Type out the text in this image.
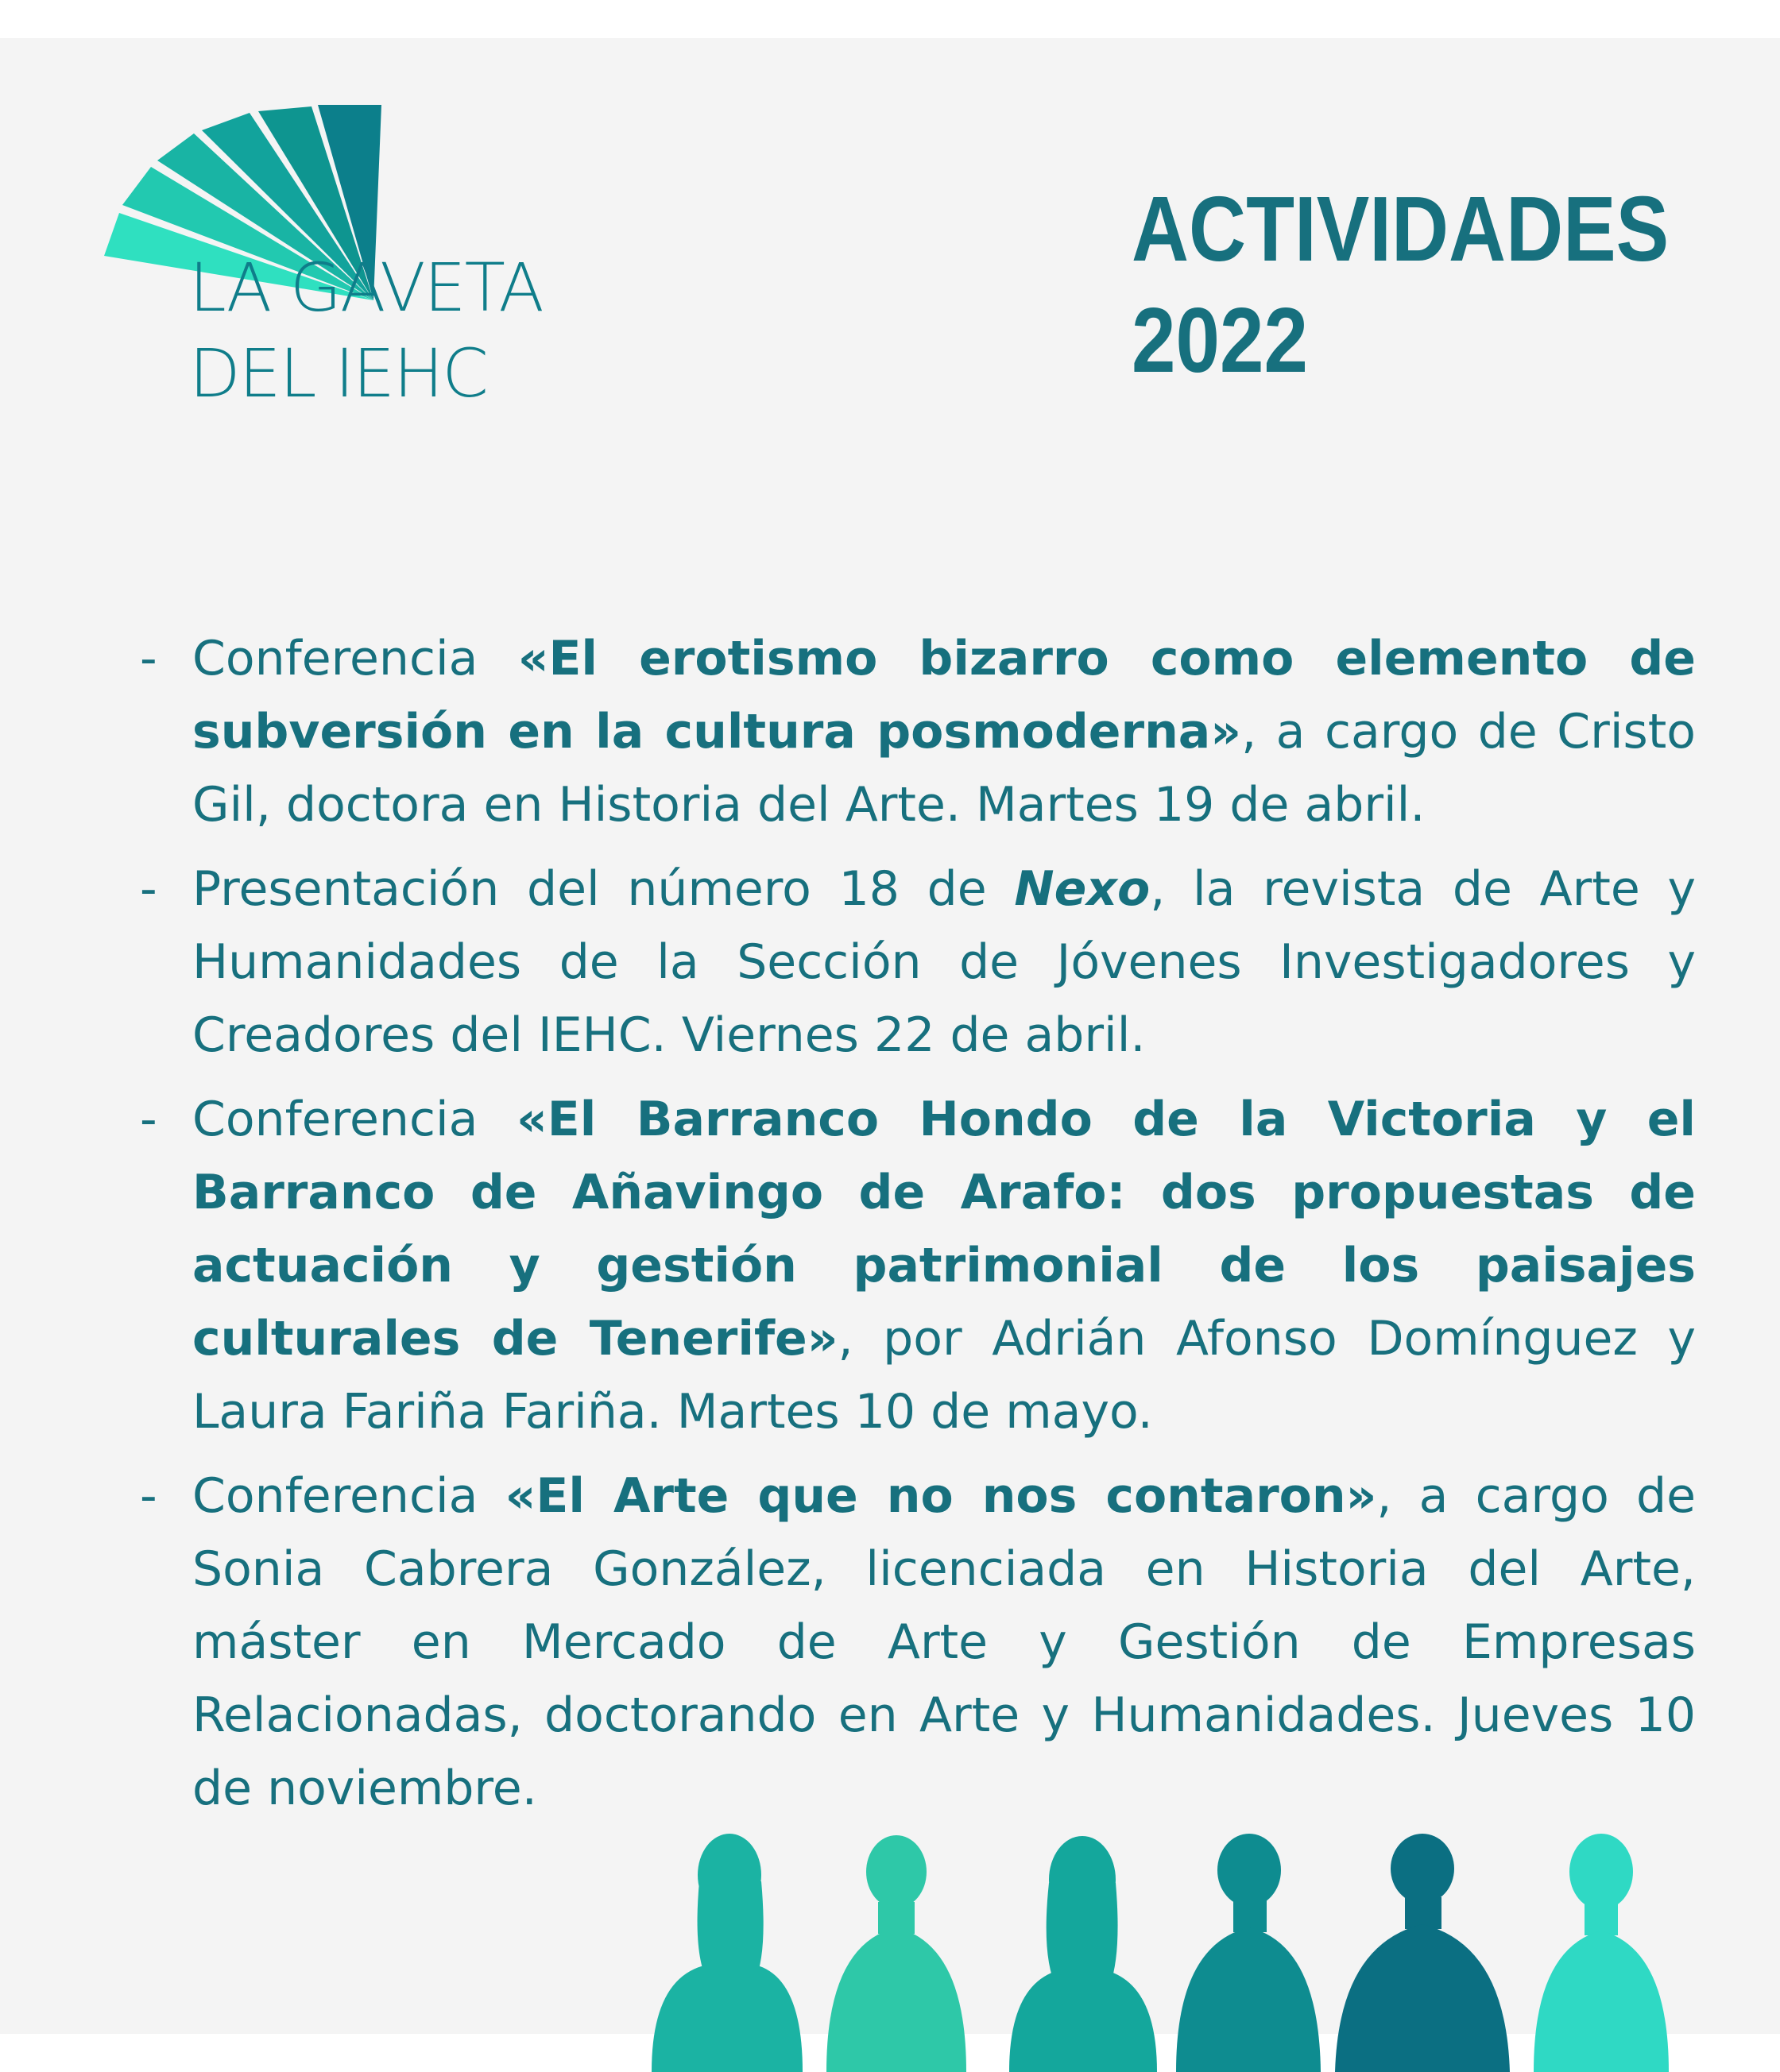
LA GAVETA
DEL IEHC
ACTIVIDADES
2022
- Conferencia «El erotismo bizarro como elemento de subversión en la cultura posmoderna», a cargo de Cristo Gil, doctora en Historia del Arte. Martes 19 de abril.
- Presentación del número 18 de Nexo, la revista de Arte y Humanidades de la Sección de Jóvenes Investigadores y Creadores del IEHC. Viernes 22 de abril.
- Conferencia «El Barranco Hondo de la Victoria y el Barranco de Añavingo de Arafo: dos propuestas de actuación y gestión patrimonial de los paisajes culturales de Tenerife», por Adrián Afonso Domínguez y Laura Fariña Fariña. Martes 10 de mayo.
- Conferencia «El Arte que no nos contaron», a cargo de Sonia Cabrera González, licenciada en Historia del Arte, máster en Mercado de Arte y Gestión de Empresas Relacionadas, doctorando en Arte y Humanidades. Jueves 10 de noviembre.
